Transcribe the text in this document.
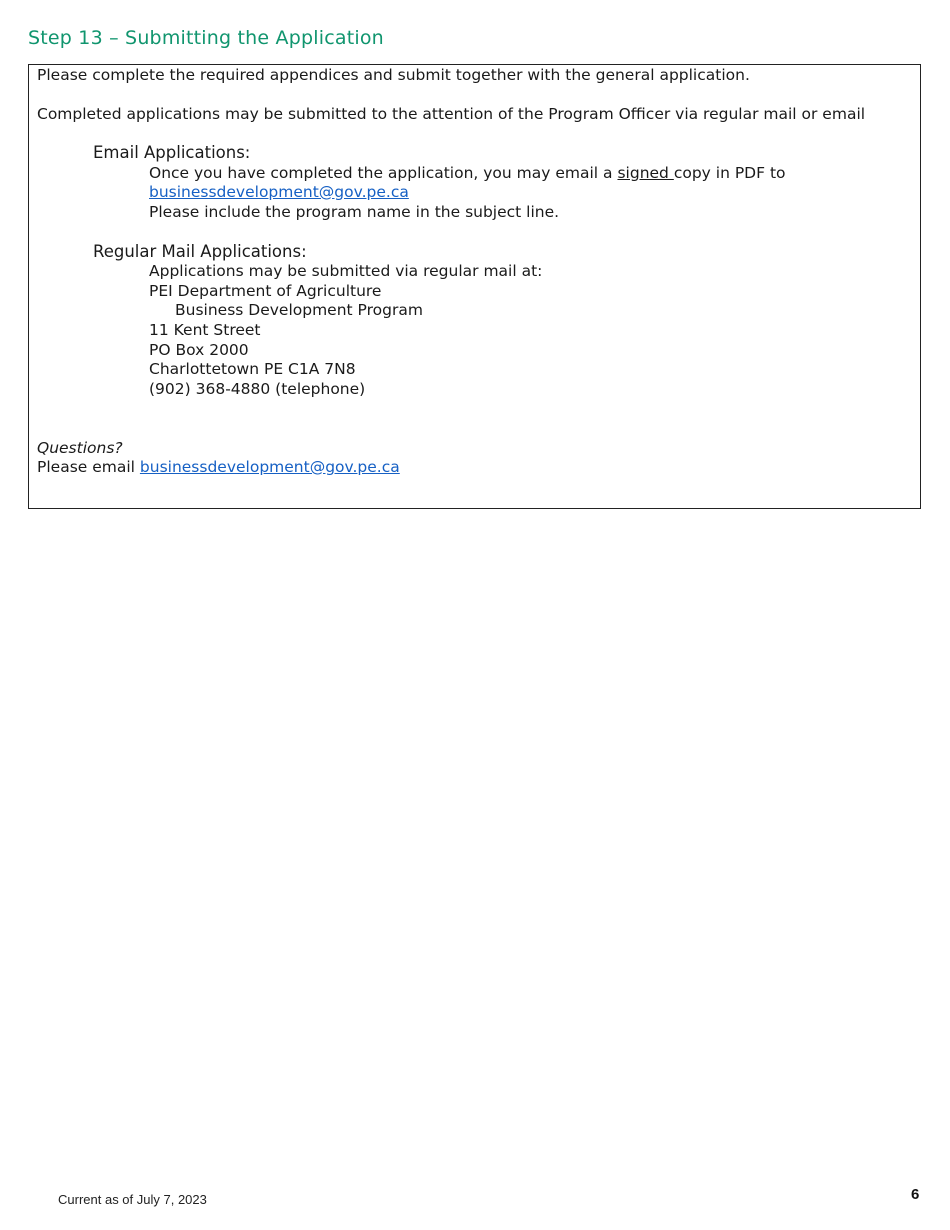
Step 13 – Submitting the Application

Please complete the required appendices and submit together with the general application.

Completed applications may be submitted to the attention of the Program Officer via regular mail or email

Email Applications:

Once you have completed the application, you may email a signed copy in PDF to

businessdevelopment@gov.pe.ca

Please include the program name in the subject line.

Regular Mail Applications:

Applications may be submitted via regular mail at:

PEI Department of Agriculture

Business Development Program

11 Kent Street

PO Box 2000

Charlottetown PE C1A 7N8

(902) 368-4880 (telephone)

Questions?

Please email businessdevelopment@gov.pe.ca

Current as of July 7, 2023	6
